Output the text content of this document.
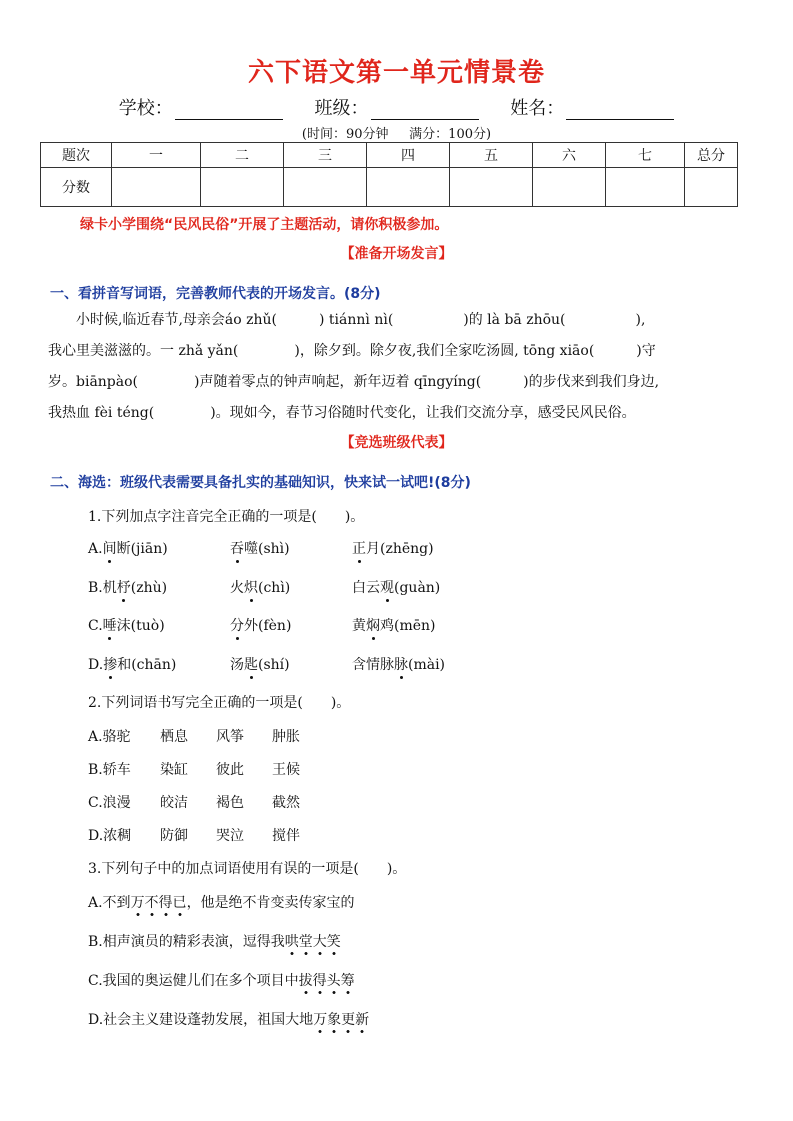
六下语文第一单元情景卷
学校：	班级：	姓名：
(时间：90分钟     满分：100分)
题次	一	二	三	四	五	六	七	总分
分数								
绿卡小学围绕“民风民俗”开展了主题活动，请你积极参加。
【准备开场发言】
一、看拼音写词语，完善教师代表的开场发言。(8分)
　　小时候,临近春节,母亲会áo zhǔ(　　　) tiánnì nì(　　　　　)的 là bā zhōu(　　　　　),
我心里美滋滋的。一 zhǎ yǎn(　　　　)，除夕到。除夕夜,我们全家吃汤圆, tōng xiāo(　　　)守
岁。biānpào(　　　　)声随着零点的钟声响起，新年迈着 qīngyíng(　　　)的步伐来到我们身边,
我热血 fèi téng(　　　　)。现如今，春节习俗随时代变化，让我们交流分享，感受民风民俗。
【竞选班级代表】
二、海选：班级代表需要具备扎实的基础知识，快来试一试吧!(8分)
1.下列加点字注音完全正确的一项是(　　)。
A.间断(jiān)	吞噬(shì)	正月(zhēng)
B.机杼(zhù)	火炽(chì)	白云观(guàn)
C.唾沫(tuò)	分外(fèn)	黄焖鸡(mēn)
D.掺和(chān)	汤匙(shí)	含情脉脉(mài)
2.下列词语书写完全正确的一项是(　　)。
A.骆驼 栖息 风筝 肿胀
B.轿车 染缸 彼此 王候
C.浪漫 皎洁 褐色 截然
D.浓稠 防御 哭泣 搅伴
3.下列句子中的加点词语使用有误的一项是(　　)。
A.不到万不得已，他是绝不肯变卖传家宝的
B.相声演员的精彩表演，逗得我哄堂大笑
C.我国的奥运健儿们在多个项目中拔得头筹
D.社会主义建设蓬勃发展，祖国大地万象更新
